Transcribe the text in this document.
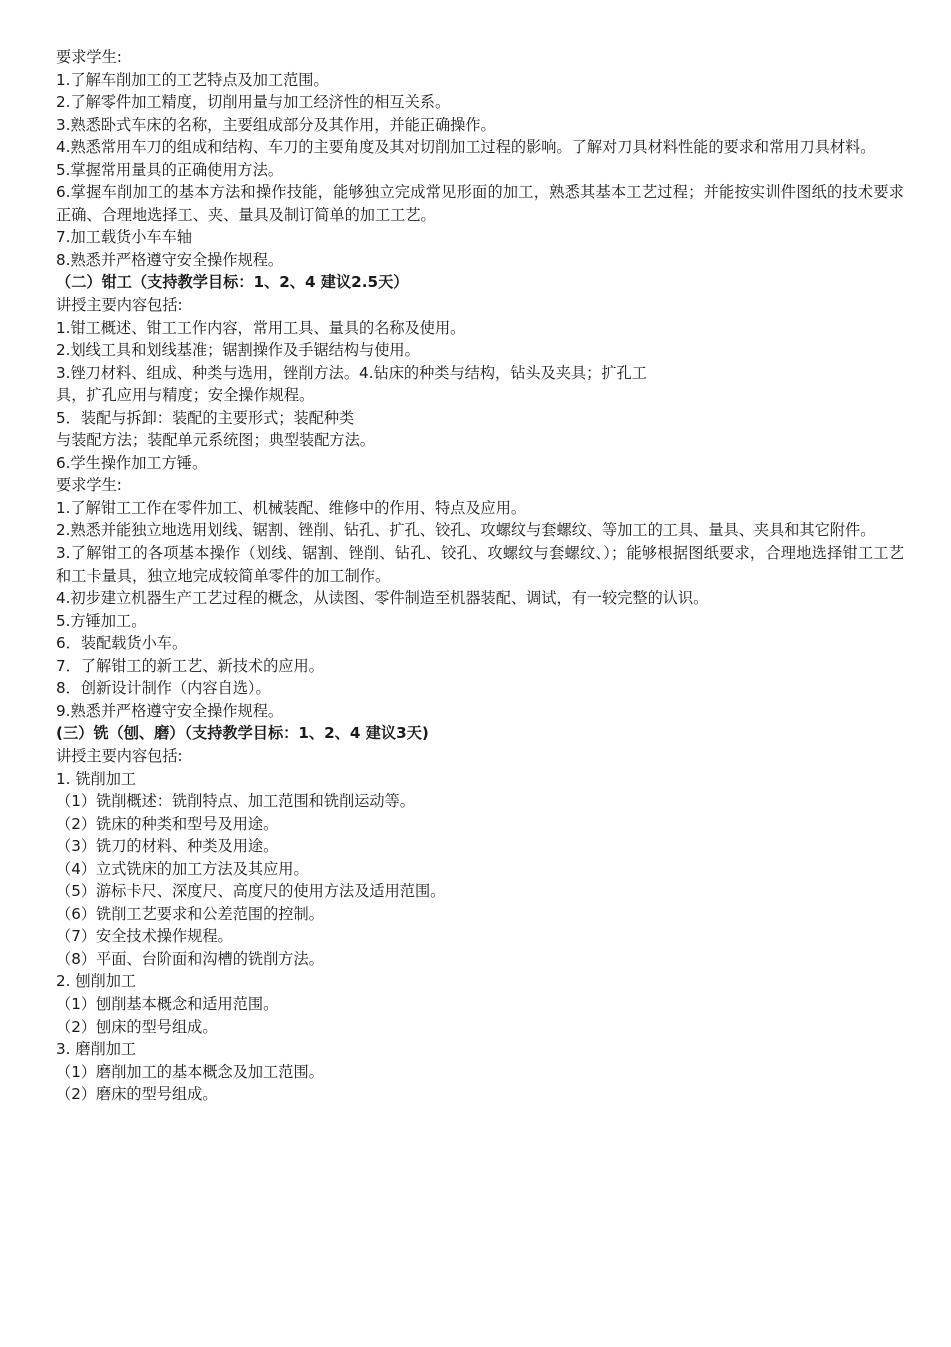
要求学生:

1.了解车削加工的工艺特点及加工范围。

2.了解零件加工精度，切削用量与加工经济性的相互关系。

3.熟悉卧式车床的名称，主要组成部分及其作用，并能正确操作。

4.熟悉常用车刀的组成和结构、车刀的主要角度及其对切削加工过程的影响。了解对刀具材料性能的要求和常用刀具材料。

5.掌握常用量具的正确使用方法。

6.掌握车削加工的基本方法和操作技能，能够独立完成常见形面的加工，熟悉其基本工艺过程；并能按实训件图纸的技术要求正确、合理地选择工、夹、量具及制订简单的加工工艺。

7.加工载货小车车轴

8.熟悉并严格遵守安全操作规程。

（二）钳工（支持教学目标：1、2、4 建议2.5天）

讲授主要内容包括:

1.钳工概述、钳工工作内容，常用工具、量具的名称及使用。

2.划线工具和划线基准；锯割操作及手锯结构与使用。

3.锉刀材料、组成、种类与选用，锉削方法。4.钻床的种类与结构，钻头及夹具；扩孔工

具，扩孔应用与精度；安全操作规程。

5．装配与拆卸：装配的主要形式；装配种类

与装配方法；装配单元系统图；典型装配方法。

6.学生操作加工方锤。

要求学生:

1.了解钳工工作在零件加工、机械装配、维修中的作用、特点及应用。

2.熟悉并能独立地选用划线、锯割、锉削、钻孔、扩孔、铰孔、攻螺纹与套螺纹、等加工的工具、量具、夹具和其它附件。

3.了解钳工的各项基本操作（划线、锯割、锉削、钻孔、铰孔、攻螺纹与套螺纹、）；能够根据图纸要求，合理地选择钳工工艺和工卡量具，独立地完成较简单零件的加工制作。

4.初步建立机器生产工艺过程的概念，从读图、零件制造至机器装配、调试，有一较完整的认识。

5.方锤加工。

6．装配载货小车。

7．了解钳工的新工艺、新技术的应用。

8．创新设计制作（内容自选）。

9.熟悉并严格遵守安全操作规程。

(三）铣（刨、磨）（支持教学目标：1、2、4 建议3天)

讲授主要内容包括:

1. 铣削加工

（1）铣削概述：铣削特点、加工范围和铣削运动等。

（2）铣床的种类和型号及用途。

（3）铣刀的材料、种类及用途。

（4）立式铣床的加工方法及其应用。

（5）游标卡尺、深度尺、高度尺的使用方法及适用范围。

（6）铣削工艺要求和公差范围的控制。

（7）安全技术操作规程。

（8）平面、台阶面和沟槽的铣削方法。

2. 刨削加工

（1）刨削基本概念和适用范围。

（2）刨床的型号组成。

3. 磨削加工

（1）磨削加工的基本概念及加工范围。

（2）磨床的型号组成。
